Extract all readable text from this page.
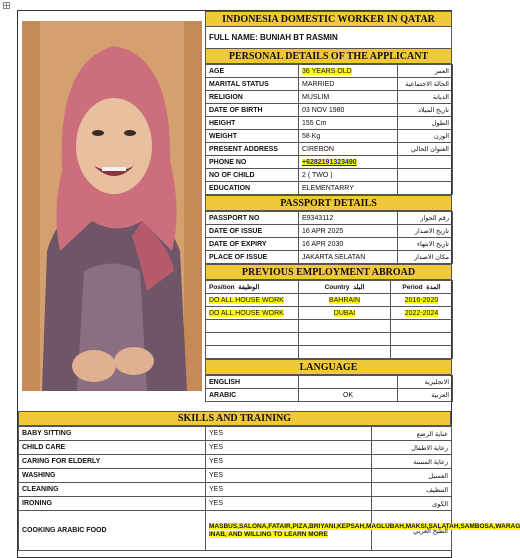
INDONESIA DOMESTIC WORKER IN QATAR
FULL NAME: BUNIAH BT RASMIN
PERSONAL DETAILS OF THE APPLICANT
AGE	36 YEARS OLD	العمر
MARITAL STATUS	MARRIED	الحالة الاجتماعية
RELIGION	MUSLIM	الديانة
DATE OF BIRTH	03 NOV 1980	تاريخ الميلاد
HEIGHT	155 Cm	الطول
WEIGHT	58 Kg	الوزن
PRESENT ADDRESS	CIREBON	العنوان الحالي
PHONE NO	+6282191323490	
NO OF CHILD	2 ( TWO )	
EDUCATION	ELEMENTARRY	
PASSPORT DETAILS
PASSPORT NO	E9343112	رقم الجواز
DATE OF ISSUE	16 APR 2025	تاريخ الاصدار
DATE OF EXPIRY	16 APR 2030	تاريخ الانتهاء
PLACE OF ISSUE	JAKARTA SELATAN	مكان الاصدار
PREVIOUS EMPLOYMENT ABROAD
Position الوظيفة	Country البلد	Period المدة
DO ALL HOUSE WORK	BAHRAIN	2016-2020
DO ALL HOUSE WORK	DUBAI	2022-2024

LANGUAGE
ENGLISH		الانجليزية
ARABIC	OK	العربية
SKILLS AND TRAINING
BABY SITTING	YES	عناية الرضع
CHILD CARE	YES	رعاية الاطفال
CARING FOR ELDERLY	YES	رعاية المسنة
WASHING	YES	الغسيل
CLEANING	YES	التنظيف
IRONING	YES	الكوى
COOKING ARABIC FOOD	MASBUS,SALONA,FATAIR,PIZA,BRIYANI,KEPSAH,MAGLUBAH,MAKSI,SALATAH,SAMBOSA,WARAG INAB, AND WILLING TO LEARN MORE	الطبخ العربي
